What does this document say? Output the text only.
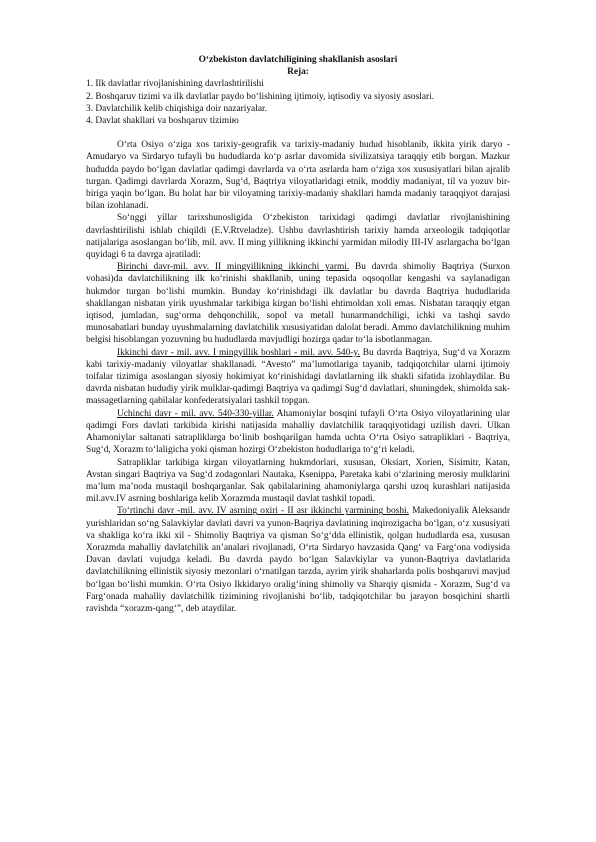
O‘zbekiston davlatchiligining shakllanish asoslari

Reja:

1. Ilk davlatlar rivojlanishining davrlashtirilishi
2. Boshqaruv tizimi va ilk davlatlar paydo bo‘lishining ijtimoiy, iqtisodiy va siyosiy asoslari.
3. Davlatchilik kelib chiqishiga doir nazariyalar.
4. Davlat shakllari va boshqaruv tizimiю

O‘rta Osiyo o‘ziga xos tarixiy-geografik va tarixiy-madaniy hudud hisoblanib, ikkita yirik daryo - Amudaryo va Sirdaryo tufayli bu hududlarda ko‘p asrlar davomida sivilizatsiya taraqqiy etib borgan. Mazkur hududda paydo bo‘lgan davlatlar qadimgi davrlarda va o‘rta asrlarda ham o‘ziga xos xususiyatlari bilan ajralib turgan. Qadimgi davrlarda Xorazm, Sug‘d, Baqtriya viloyatlaridagi etnik, moddiy madaniyat, til va yozuv bir-biriga yaqin bo‘lgan. Bu holat har bir viloyatning tarixiy-madaniy shakllari hamda madaniy taraqqiyot darajasi bilan izohlanadi.

So‘nggi yillar tarixshunosligida O‘zbekiston tarixidagi qadimgi davlatlar rivojlanishining davrlashtirilishi ishlab chiqildi (E.V.Rtveladze). Ushbu davrlashtirish tarixiy hamda arxeologik tadqiqotlar natijalariga asoslangan bo‘lib, mil. avv. II ming yillikning ikkinchi yarmidan milodiy III-IV asrlargacha bo‘lgan quyidagi 6 ta davrga ajratiladi:

Birinchi davr-mil. avv. II mingyillikning ikkinchi yarmi. Bu davrda shimoliy Baqtriya (Surxon vohasi)da davlatchilikning ilk ko‘rinishi shakllanib, uning tepasida oqsoqollar kengashi va saylanadigan hukmdor turgan bo‘lishi mumkin. Bunday ko‘rinishdagi ilk davlatlar bu davrda Baqtriya hududlarida shakllangan nisbatan yirik uyushmalar tarkibiga kirgan bo‘lishi ehtimoldan xoli emas. Nisbatan taraqqiy etgan iqtisod, jumladan, sug‘orma dehqonchilik, sopol va metall hunarmandchiligi, ichki va tashqi savdo munosabatlari bunday uyushmalarning davlatchilik xususiyatidan dalolat beradi. Ammo davlatchilikning muhim belgisi hisoblangan yozuvning bu hududlarda mavjudligi hozirga qadar to‘la isbotlanmagan.

Ikkinchi davr - mil. avv. I mingyillik boshlari - mil. avv. 540-y. Bu davrda Baqtriya, Sug‘d va Xorazm kabi tarixiy-madaniy viloyatlar shakllanadi. “Avesto” ma’lumotlariga tayanib, tadqiqotchilar ularni ijtimoiy toifalar tizimiga asoslangan siyosiy hokimiyat ko‘rinishidagi davlatlarning ilk shakli sifatida izohlaydilar. Bu davrda nisbatan hududiy yirik mulklar-qadimgi Baqtriya va qadimgi Sug‘d davlatlari, shuningdek, shimolda sak-massagetlarning qabilalar konfederatsiyalari tashkil topgan.

Uchinchi davr - mil. avv. 540-330-yillar. Ahamoniylar bosqini tufayli O‘rta Osiyo viloyatlarining ular qadimgi Fors davlati tarkibida kirishi natijasida mahalliy davlatchilik taraqqiyotidagi uzilish davri. Ulkan Ahamoniylar saltanati satrapliklarga bo‘linib boshqarilgan hamda uchta O‘rta Osiyo satrapliklari - Baqtriya, Sug‘d, Xorazm to‘laligicha yoki qisman hozirgi O‘zbekiston hududlariga to‘g‘ri keladi.

Satrapliklar tarkibiga kirgan viloyatlarning hukmdorlari, xususan, Oksiart, Xorien, Sisimitr, Katan, Avstan singari Baqtriya va Sug‘d zodagonlari Nautaka, Ksenippa, Paretaka kabi o‘zlarining merosiy mulklarini ma’lum ma’noda mustaqil boshqarganlar. Sak qabilalarining ahamoniylarga qarshi uzoq kurashlari natijasida mil.avv.IV asrning boshlariga kelib Xorazmda mustaqil davlat tashkil topadi.

To‘rtinchi davr -mil. avv. IV asrning oxiri - II asr ikkinchi yarmining boshi. Makedoniyalik Aleksandr yurishlaridan so‘ng Salavkiylar davlati davri va yunon-Baqriya davlatining inqirozigacha bo‘lgan, o‘z xususiyati va shakliga ko‘ra ikki xil - Shimoliy Baqtriya va qisman So‘g‘dda ellinistik, qolgan hududlarda esa, xususan Xorazmda mahalliy davlatchilik an’analari rivojlanadi, O‘rta Sirdaryo havzasida Qang‘ va Farg‘ona vodiysida Davan davlati vujudga keladi. Bu davrda paydo bo‘lgan Salavkiylar va yunon-Baqtriya davlatlarida davlatchilikning ellinistik siyosiy mezonlari o‘rnatilgan tarzda, ayrim yirik shaharlarda polis boshqaruvi mavjud bo‘lgan bo‘lishi mumkin. O‘rta Osiyo Ikkidaryo oralig‘ining shimoliy va Sharqiy qismida - Xorazm, Sug‘d va Farg‘onada mahalliy davlatchilik tizimining rivojlanishi bo‘lib, tadqiqotchilar bu jarayon bosqichini shartli ravishda “xorazm-qang‘”, deb ataydilar.
